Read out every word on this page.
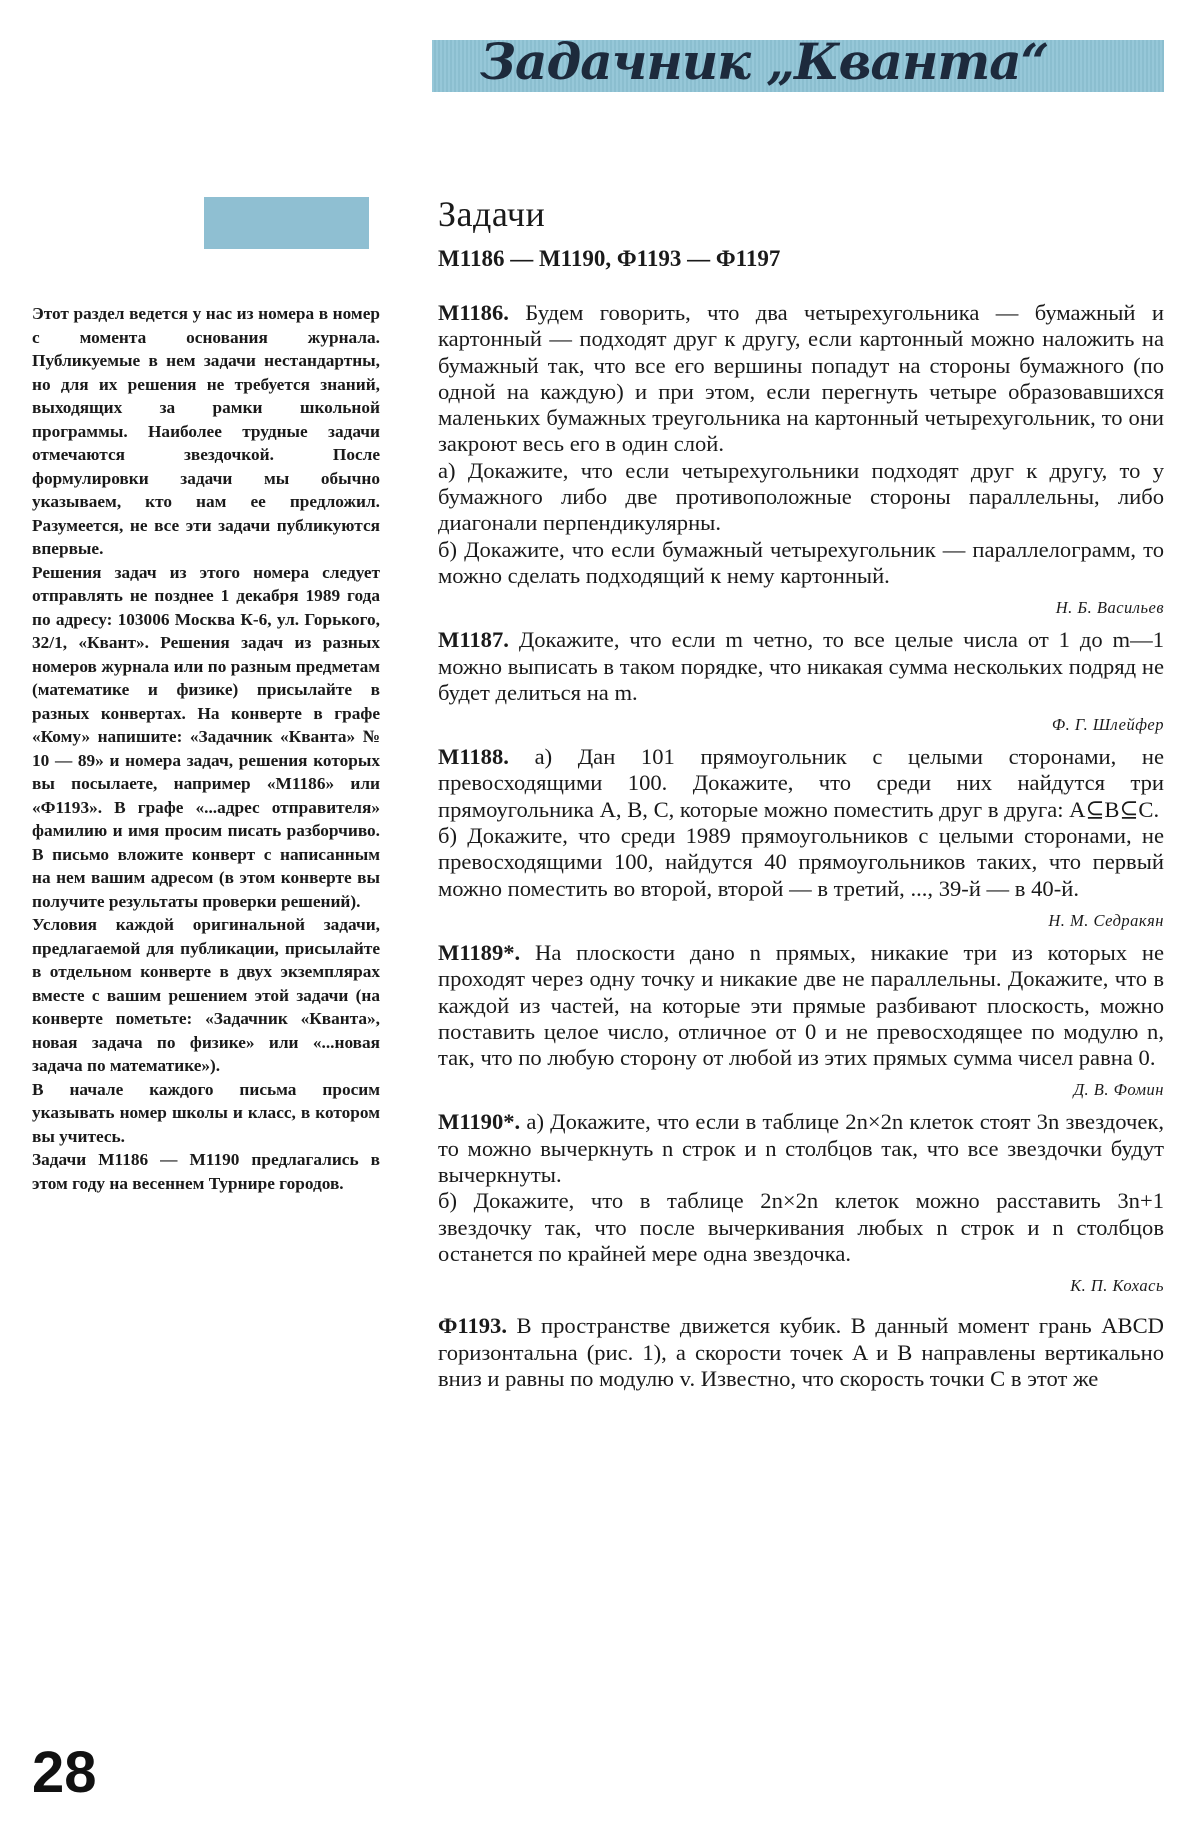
Задачник „Кванта“

Этот раздел ведется у нас из номера в номер с момента основания журнала. Публикуемые в нем задачи нестандартны, но для их решения не требуется знаний, выходящих за рамки школьной программы. Наиболее трудные задачи отмечаются звездочкой. После формулировки задачи мы обычно указываем, кто нам ее предложил. Разумеется, не все эти задачи публикуются впервые.

Решения задач из этого номера следует отправлять не позднее 1 декабря 1989 года по адресу: 103006 Москва К-6, ул. Горького, 32/1, «Квант». Решения задач из разных номеров журнала или по разным предметам (математике и физике) присылайте в разных конвертах. На конверте в графе «Кому» напишите: «Задачник «Кванта» № 10 — 89» и номера задач, решения которых вы посылаете, например «М1186» или «Ф1193». В графе «...адрес отправителя» фамилию и имя просим писать разборчиво. В письмо вложите конверт с написанным на нем вашим адресом (в этом конверте вы получите результаты проверки решений).

Условия каждой оригинальной задачи, предлагаемой для публикации, присылайте в отдельном конверте в двух экземплярах вместе с вашим решением этой задачи (на конверте пометьте: «Задачник «Кванта», новая задача по физике» или «...новая задача по математике»).

В начале каждого письма просим указывать номер школы и класс, в котором вы учитесь.

Задачи М1186 — М1190 предлагались в этом году на весеннем Турнире городов.

28
Задачи
М1186 — М1190, Ф1193 — Ф1197

М1186. Будем говорить, что два четырехугольника — бумажный и картонный — подходят друг к другу, если картонный можно наложить на бумажный так, что все его вершины попадут на стороны бумажного (по одной на каждую) и при этом, если перегнуть четыре образовавшихся маленьких бумажных треугольника на картонный четырехугольник, то они закроют весь его в один слой.

а) Докажите, что если четырехугольники подходят друг к другу, то у бумажного либо две противоположные стороны параллельны, либо диагонали перпендикулярны.

б) Докажите, что если бумажный четырехугольник — параллелограмм, то можно сделать подходящий к нему картонный.

Н. Б. Васильев

М1187. Докажите, что если m четно, то все целые числа от 1 до m—1 можно выписать в таком порядке, что никакая сумма нескольких подряд не будет делиться на m.

Ф. Г. Шлейфер

М1188. а) Дан 101 прямоугольник с целыми сторонами, не превосходящими 100. Докажите, что среди них найдутся три прямоугольника A, B, C, которые можно поместить друг в друга: A⊆B⊆C.

б) Докажите, что среди 1989 прямоугольников с целыми сторонами, не превосходящими 100, найдутся 40 прямоугольников таких, что первый можно поместить во второй, второй — в третий, ..., 39-й — в 40-й.

Н. М. Седракян

М1189*. На плоскости дано n прямых, никакие три из которых не проходят через одну точку и никакие две не параллельны. Докажите, что в каждой из частей, на которые эти прямые разбивают плоскость, можно поставить целое число, отличное от 0 и не превосходящее по модулю n, так, что по любую сторону от любой из этих прямых сумма чисел равна 0.

Д. В. Фомин

М1190*. а) Докажите, что если в таблице 2n×2n клеток стоят 3n звездочек, то можно вычеркнуть n строк и n столбцов так, что все звездочки будут вычеркнуты.

б) Докажите, что в таблице 2n×2n клеток можно расставить 3n+1 звездочку так, что после вычеркивания любых n строк и n столбцов останется по крайней мере одна звездочка.

К. П. Кохась

Ф1193. В пространстве движется кубик. В данный момент грань ABCD горизонтальна (рис. 1), а скорости точек A и B направлены вертикально вниз и равны по модулю v. Известно, что скорость точки C в этот же
